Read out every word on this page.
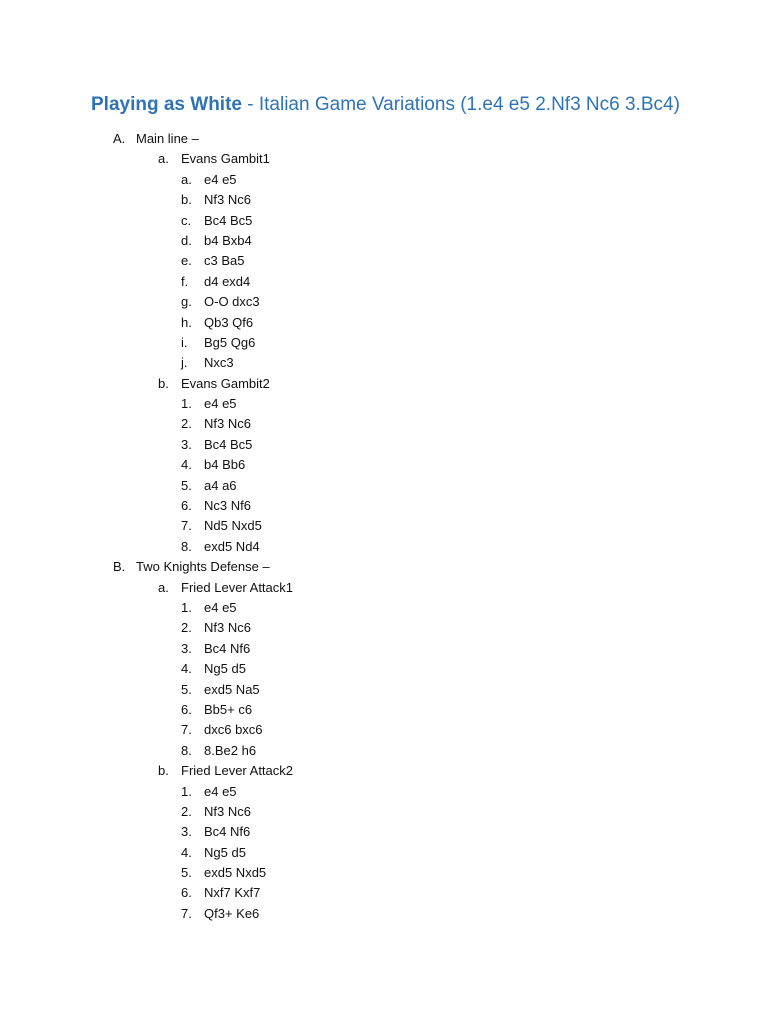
Playing as White - Italian Game Variations (1.e4 e5 2.Nf3 Nc6 3.Bc4)
A. Main line –
a. Evans Gambit1
a. e4 e5
b. Nf3 Nc6
c. Bc4 Bc5
d. b4 Bxb4
e. c3 Ba5
f. d4 exd4
g. O-O dxc3
h. Qb3 Qf6
i. Bg5 Qg6
j. Nxc3
b. Evans Gambit2
1. e4 e5
2. Nf3 Nc6
3. Bc4 Bc5
4. b4 Bb6
5. a4 a6
6. Nc3 Nf6
7. Nd5 Nxd5
8. exd5 Nd4
B. Two Knights Defense –
a. Fried Lever Attack1
1. e4 e5
2. Nf3 Nc6
3. Bc4 Nf6
4. Ng5 d5
5. exd5 Na5
6. Bb5+ c6
7. dxc6 bxc6
8. 8.Be2 h6
b. Fried Lever Attack2
1. e4 e5
2. Nf3 Nc6
3. Bc4 Nf6
4. Ng5 d5
5. exd5 Nxd5
6. Nxf7 Kxf7
7. Qf3+ Ke6
